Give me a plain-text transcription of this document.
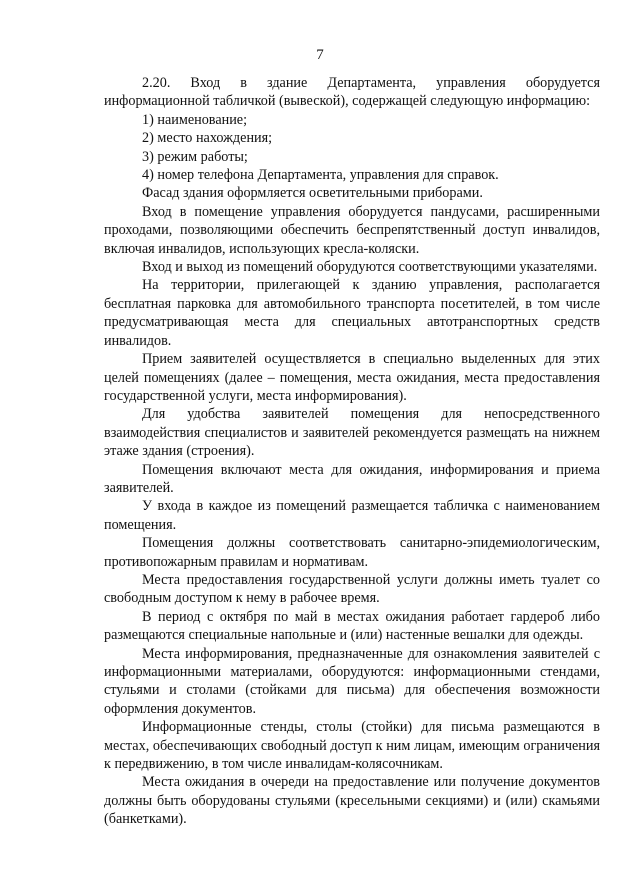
7

2.20. Вход в здание Департамента, управления оборудуется информационной табличкой (вывеской), содержащей следующую информацию:

1) наименование;

2) место нахождения;

3) режим работы;

4) номер телефона Департамента, управления для справок.

Фасад здания оформляется осветительными приборами.

Вход в помещение управления оборудуется пандусами, расширенными проходами, позволяющими обеспечить беспрепятственный доступ инвалидов, включая инвалидов, использующих кресла-коляски.

Вход и выход из помещений оборудуются соответствующими указателями.

На территории, прилегающей к зданию управления, располагается бесплатная парковка для автомобильного транспорта посетителей, в том числе предусматривающая места для специальных автотранспортных средств инвалидов.

Прием заявителей осуществляется в специально выделенных для этих целей помещениях (далее – помещения, места ожидания, места предоставления государственной услуги, места информирования).

Для удобства заявителей помещения для непосредственного взаимодействия специалистов и заявителей рекомендуется размещать на нижнем этаже здания (строения).

Помещения включают места для ожидания, информирования и приема заявителей.

У входа в каждое из помещений размещается табличка с наименованием помещения.

Помещения должны соответствовать санитарно-эпидемиологическим, противопожарным правилам и нормативам.

Места предоставления государственной услуги должны иметь туалет со свободным доступом к нему в рабочее время.

В период с октября по май в местах ожидания работает гардероб либо размещаются специальные напольные и (или) настенные вешалки для одежды.

Места информирования, предназначенные для ознакомления заявителей с информационными материалами, оборудуются: информационными стендами, стульями и столами (стойками для письма) для обеспечения возможности оформления документов.

Информационные стенды, столы (стойки) для письма размещаются в местах, обеспечивающих свободный доступ к ним лицам, имеющим ограничения к передвижению, в том числе инвалидам-колясочникам.

Места ожидания в очереди на предоставление или получение документов должны быть оборудованы стульями (кресельными секциями) и (или) скамьями (банкетками).
